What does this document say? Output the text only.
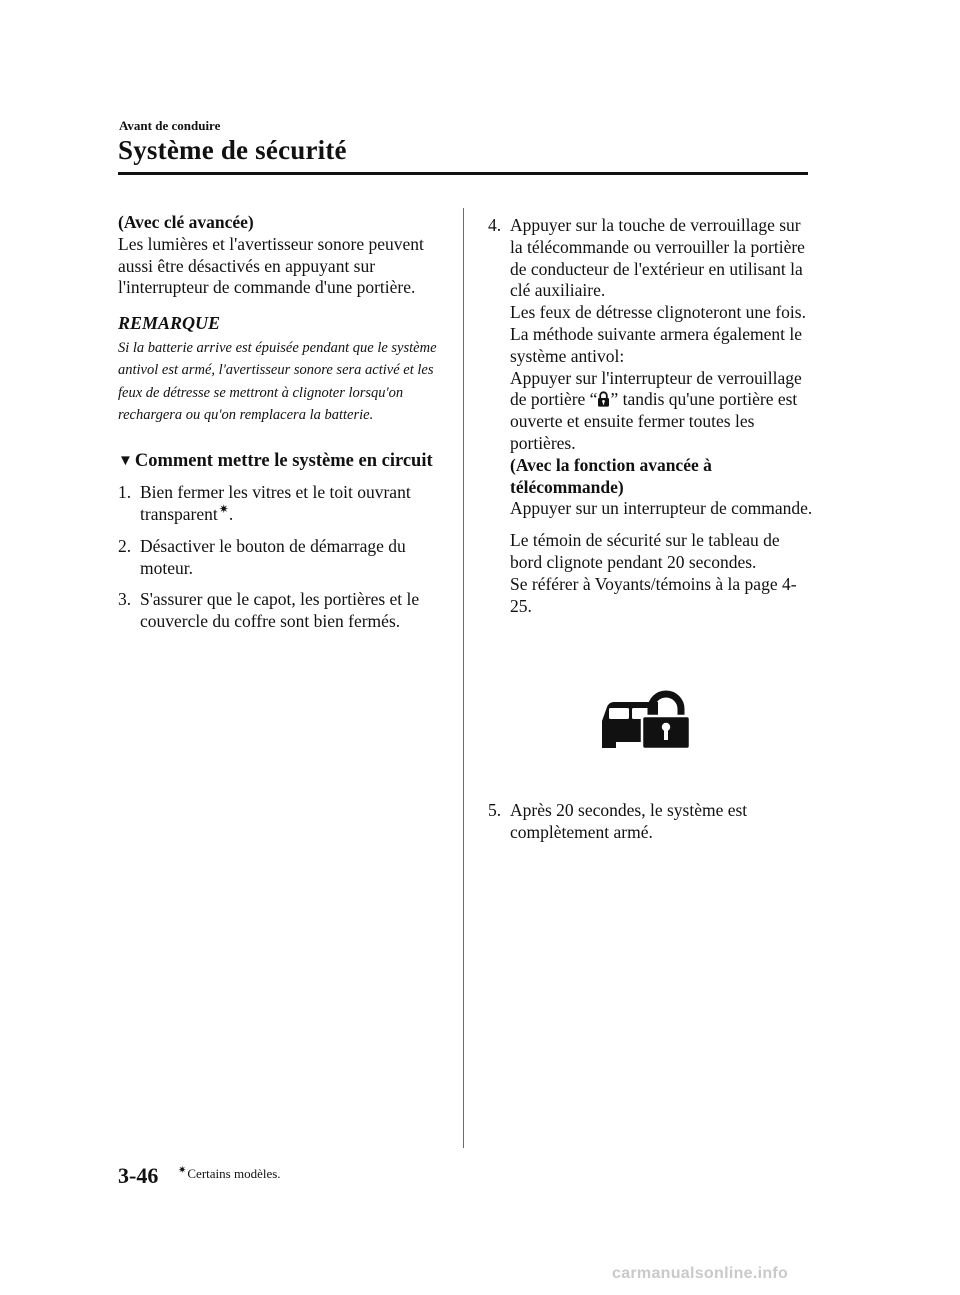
Avant de conduire
Système de sécurité
(Avec clé avancée)

Les lumières et l'avertisseur sonore peuvent aussi être désactivés en appuyant sur l'interrupteur de commande d'une portière.

REMARQUE

Si la batterie arrive est épuisée pendant que le système antivol est armé, l'avertisseur sonore sera activé et les feux de détresse se mettront à clignoter lorsqu'on rechargera ou qu'on remplacera la batterie.

▼ Comment mettre le système en circuit
1. Bien fermer les vitres et le toit ouvrant transparent✷.
2. Désactiver le bouton de démarrage du moteur.
3. S'assurer que le capot, les portières et le couvercle du coffre sont bien fermés.
4. Appuyer sur la touche de verrouillage sur la télécommande ou verrouiller la portière de conducteur de l'extérieur en utilisant la clé auxiliaire.
Les feux de détresse clignoteront une fois.
La méthode suivante armera également le système antivol:
Appuyer sur l'interrupteur de verrouillage de portière “ ” tandis qu'une portière est ouverte et ensuite fermer toutes les portières.
(Avec la fonction avancée à télécommande)
Appuyer sur un interrupteur de commande.
Le témoin de sécurité sur le tableau de bord clignote pendant 20 secondes.
Se référer à Voyants/témoins à la page 4-25.
5. Après 20 secondes, le système est complètement armé.
3-46 ✷Certains modèles.
carmanualsonline.info
